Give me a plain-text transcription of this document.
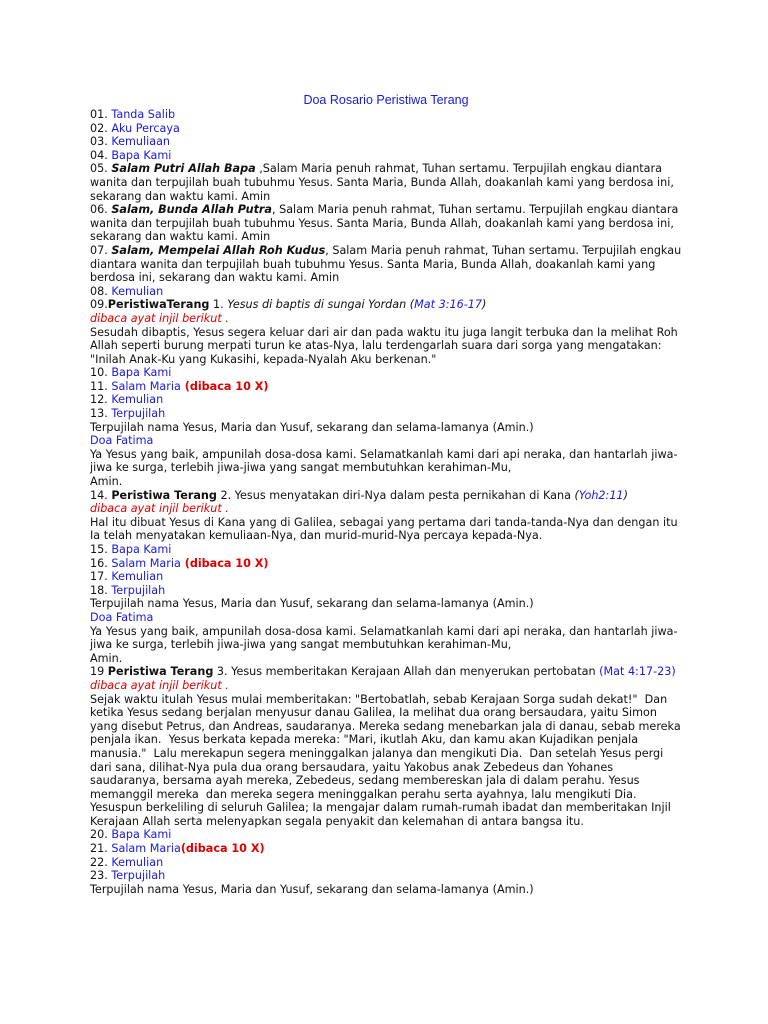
Doa Rosario Peristiwa Terang

01. Tanda Salib

02. Aku Percaya

03. Kemuliaan

04. Bapa Kami

05. Salam Putri Allah Bapa ,Salam Maria penuh rahmat, Tuhan sertamu. Terpujilah engkau diantara wanita dan terpujilah buah tubuhmu Yesus. Santa Maria, Bunda Allah, doakanlah kami yang berdosa ini, sekarang dan waktu kami. Amin

06. Salam, Bunda Allah Putra, Salam Maria penuh rahmat, Tuhan sertamu. Terpujilah engkau diantara wanita dan terpujilah buah tubuhmu Yesus. Santa Maria, Bunda Allah, doakanlah kami yang berdosa ini, sekarang dan waktu kami. Amin

07. Salam, Mempelai Allah Roh Kudus, Salam Maria penuh rahmat, Tuhan sertamu. Terpujilah engkau diantara wanita dan terpujilah buah tubuhmu Yesus. Santa Maria, Bunda Allah, doakanlah kami yang berdosa ini, sekarang dan waktu kami. Amin

08. Kemulian

09.PeristiwaTerang 1. Yesus di baptis di sungai Yordan (Mat 3:16-17)

dibaca ayat injil berikut .

Sesudah dibaptis, Yesus segera keluar dari air dan pada waktu itu juga langit terbuka dan Ia melihat Roh Allah seperti burung merpati turun ke atas-Nya, lalu terdengarlah suara dari sorga yang mengatakan: "Inilah Anak-Ku yang Kukasihi, kepada-Nyalah Aku berkenan."

10. Bapa Kami

11. Salam Maria (dibaca 10 X)

12. Kemulian

13. Terpujilah

Terpujilah nama Yesus, Maria dan Yusuf, sekarang dan selama-lamanya (Amin.)

Doa Fatima

Ya Yesus yang baik, ampunilah dosa-dosa kami. Selamatkanlah kami dari api neraka, dan hantarlah jiwa-jiwa ke surga, terlebih jiwa-jiwa yang sangat membutuhkan kerahiman-Mu,

Amin.

14. Peristiwa Terang 2. Yesus menyatakan diri-Nya dalam pesta pernikahan di Kana (Yoh2:11)

dibaca ayat injil berikut .

Hal itu dibuat Yesus di Kana yang di Galilea, sebagai yang pertama dari tanda-tanda-Nya dan dengan itu Ia telah menyatakan kemuliaan-Nya, dan murid-murid-Nya percaya kepada-Nya.

15. Bapa Kami

16. Salam Maria (dibaca 10 X)

17. Kemulian

18. Terpujilah

Terpujilah nama Yesus, Maria dan Yusuf, sekarang dan selama-lamanya (Amin.)

Doa Fatima

Ya Yesus yang baik, ampunilah dosa-dosa kami. Selamatkanlah kami dari api neraka, dan hantarlah jiwa-jiwa ke surga, terlebih jiwa-jiwa yang sangat membutuhkan kerahiman-Mu,

Amin.

19 Peristiwa Terang 3. Yesus memberitakan Kerajaan Allah dan menyerukan pertobatan (Mat 4:17-23)

dibaca ayat injil berikut .

Sejak waktu itulah Yesus mulai memberitakan: "Bertobatlah, sebab Kerajaan Sorga sudah dekat!"  Dan ketika Yesus sedang berjalan menyusur danau Galilea, Ia melihat dua orang bersaudara, yaitu Simon yang disebut Petrus, dan Andreas, saudaranya. Mereka sedang menebarkan jala di danau, sebab mereka penjala ikan.  Yesus berkata kepada mereka: "Mari, ikutlah Aku, dan kamu akan Kujadikan penjala manusia."  Lalu merekapun segera meninggalkan jalanya dan mengikuti Dia.  Dan setelah Yesus pergi dari sana, dilihat-Nya pula dua orang bersaudara, yaitu Yakobus anak Zebedeus dan Yohanes saudaranya, bersama ayah mereka, Zebedeus, sedang membereskan jala di dalam perahu. Yesus memanggil mereka  dan mereka segera meninggalkan perahu serta ayahnya, lalu mengikuti Dia. Yesuspun berkeliling di seluruh Galilea; Ia mengajar dalam rumah-rumah ibadat dan memberitakan Injil Kerajaan Allah serta melenyapkan segala penyakit dan kelemahan di antara bangsa itu.

20. Bapa Kami

21. Salam Maria(dibaca 10 X)

22. Kemulian

23. Terpujilah

Terpujilah nama Yesus, Maria dan Yusuf, sekarang dan selama-lamanya (Amin.)
